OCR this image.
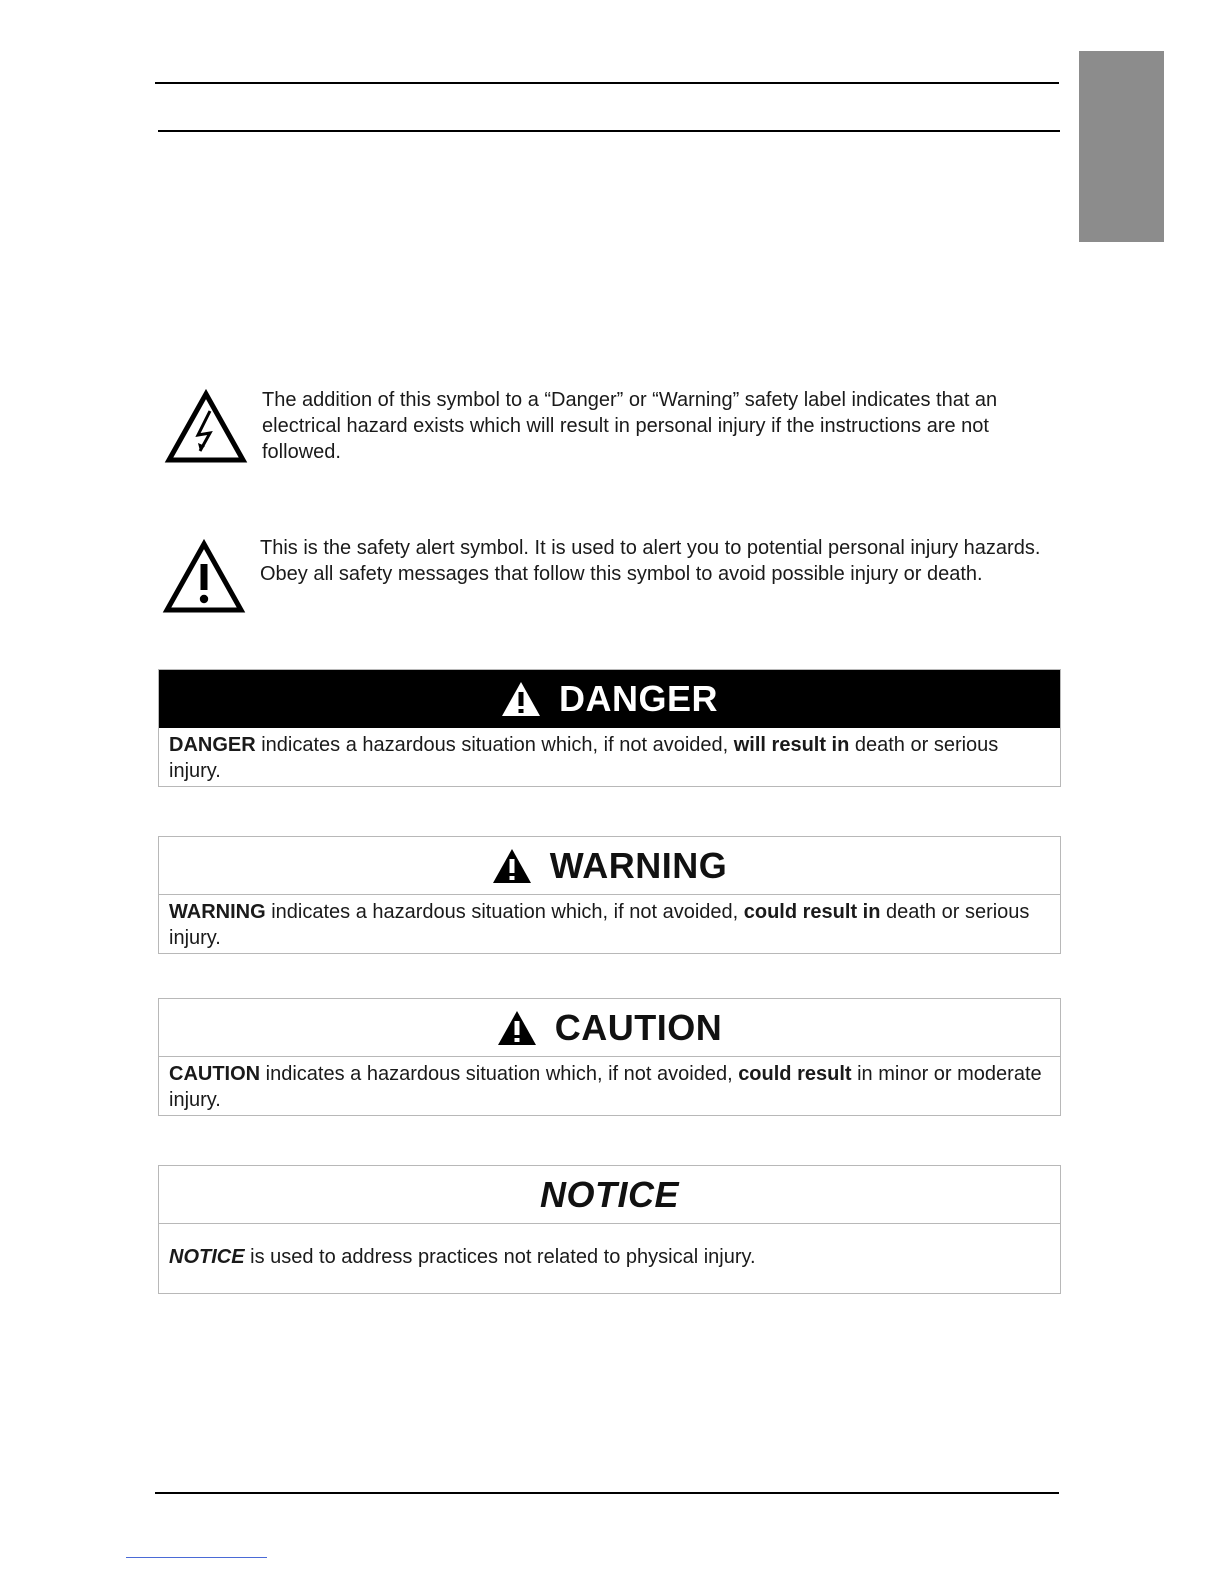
The addition of this symbol to a “Danger” or “Warning” safety label indicates that an electrical hazard exists which will result in personal injury if the instructions are not followed.
This is the safety alert symbol. It is used to alert you to potential personal injury hazards. Obey all safety messages that follow this symbol to avoid possible injury or death.
DANGER
DANGER indicates a hazardous situation which, if not avoided, will result in death or serious injury.
WARNING
WARNING indicates a hazardous situation which, if not avoided, could result in death or serious injury.
CAUTION
CAUTION indicates a hazardous situation which, if not avoided, could result in minor or moderate injury.
NOTICE
NOTICE is used to address practices not related to physical injury.
